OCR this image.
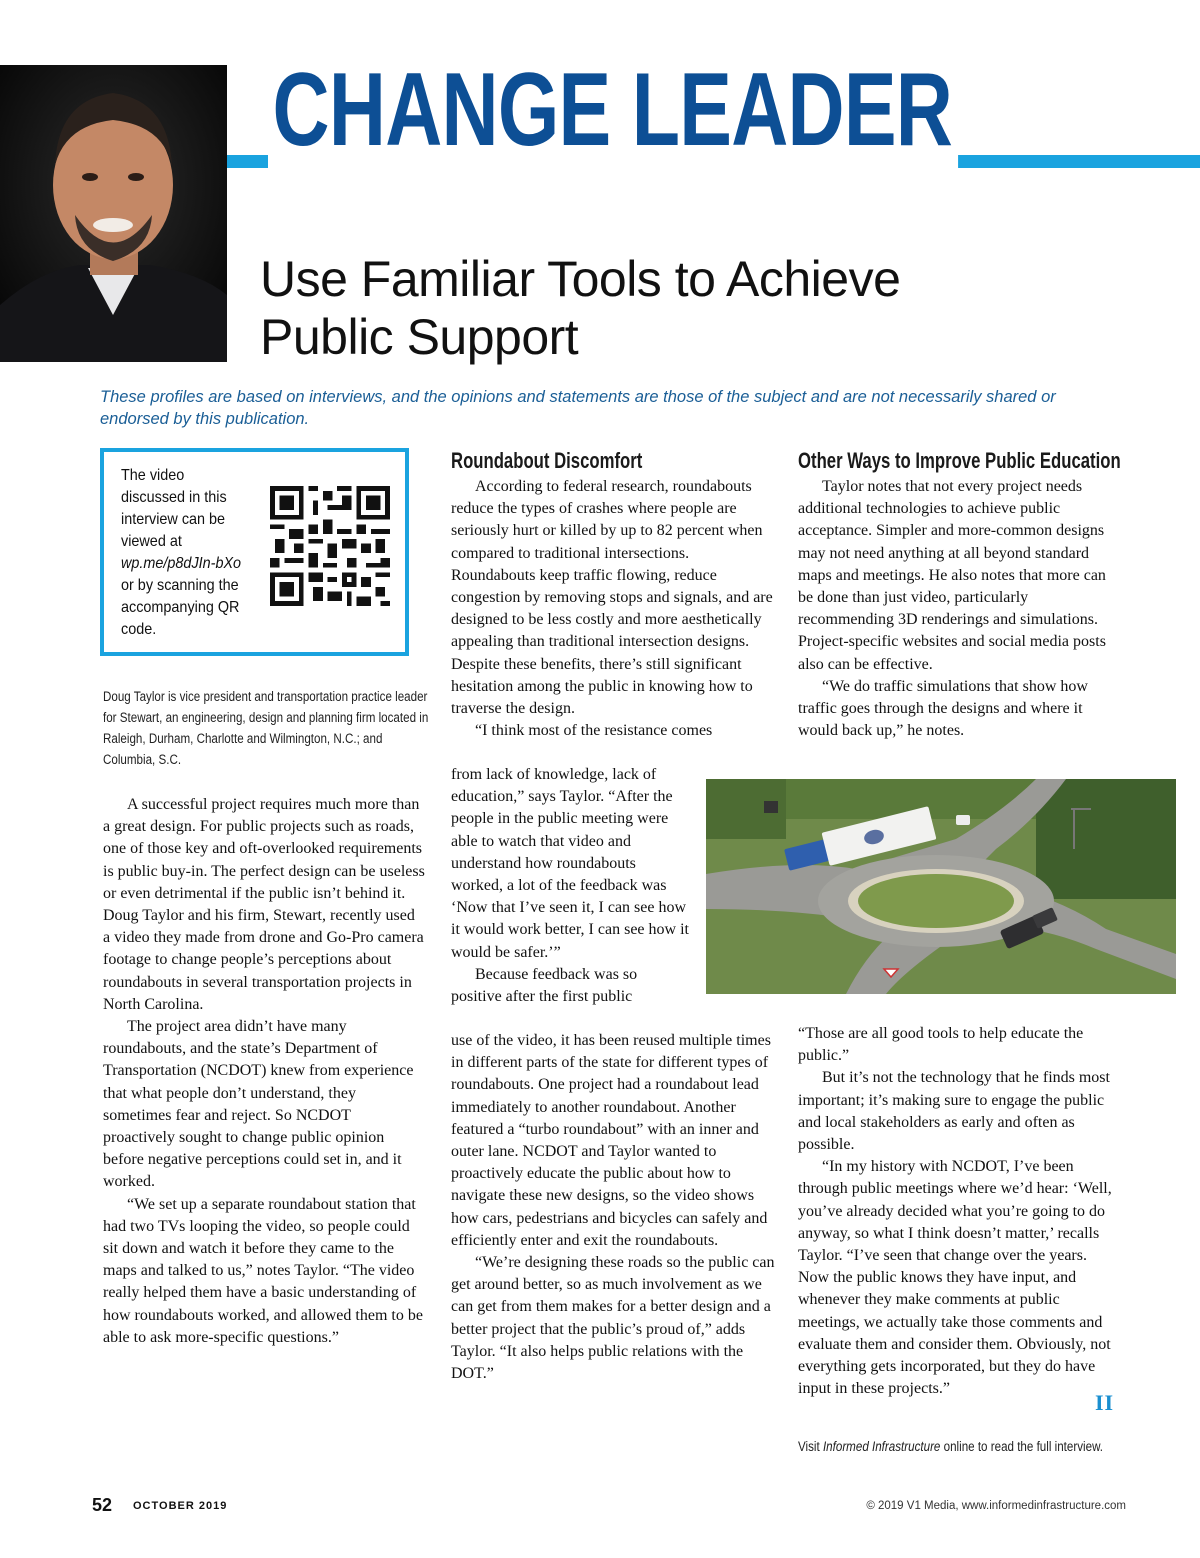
CHANGE LEADER
Use Familiar Tools to Achieve
Public Support
These profiles are based on interviews, and the opinions and statements are those of the subject and are not necessarily shared or endorsed by this publication.
The video discussed in this interview can be viewed at wp.me/p8dJIn-bXo or by scanning the accompanying QR code.
Doug Taylor is vice president and transportation practice leader for Stewart, an engineering, design and planning firm located in Raleigh, Durham, Charlotte and Wilmington, N.C.; and Columbia, S.C.

A successful project requires much more than a great design. For public projects such as roads, one of those key and oft-overlooked requirements is public buy-in. The perfect design can be useless or even detrimental if the public isn’t behind it. Doug Taylor and his firm, Stewart, recently used a video they made from drone and Go-Pro camera footage to change people’s perceptions about roundabouts in several transportation projects in North Carolina.

The project area didn’t have many roundabouts, and the state’s Department of Transportation (NCDOT) knew from experience that what people don’t understand, they sometimes fear and reject. So NCDOT proactively sought to change public opinion before negative perceptions could set in, and it worked.

“We set up a separate roundabout station that had two TVs looping the video, so people could sit down and watch it before they came to the maps and talked to us,” notes Taylor. “The video really helped them have a basic understanding of how roundabouts worked, and allowed them to be able to ask more-specific questions.”

Roundabout Discomfort

According to federal research, roundabouts reduce the types of crashes where people are seriously hurt or killed by up to 82 percent when compared to traditional intersections. Roundabouts keep traffic flowing, reduce congestion by removing stops and signals, and are designed to be less costly and more aesthetically appealing than traditional intersection designs. Despite these benefits, there’s still significant hesitation among the public in knowing how to traverse the design.

“I think most of the resistance comes

from lack of knowledge, lack of education,” says Taylor. “After the people in the public meeting were able to watch that video and understand how roundabouts worked, a lot of the feedback was ‘Now that I’ve seen it, I can see how it would work better, I can see how it would be safer.’”

Because feedback was so positive after the first public

use of the video, it has been reused multiple times in different parts of the state for different types of roundabouts. One project had a roundabout lead immediately to another roundabout. Another featured a “turbo roundabout” with an inner and outer lane. NCDOT and Taylor wanted to proactively educate the public about how to navigate these new designs, so the video shows how cars, pedestrians and bicycles can safely and efficiently enter and exit the roundabouts.

“We’re designing these roads so the public can get around better, so as much involvement as we can get from them makes for a better design and a better project that the public’s proud of,” adds Taylor. “It also helps public relations with the DOT.”

Other Ways to Improve Public Education

Taylor notes that not every project needs additional technologies to achieve public acceptance. Simpler and more-common designs may not need anything at all beyond standard maps and meetings. He also notes that more can be done than just video, particularly recommending 3D renderings and simulations. Project-specific websites and social media posts also can be effective.

“We do traffic simulations that show how traffic goes through the designs and where it would back up,” he notes.

“Those are all good tools to help educate the public.”

But it’s not the technology that he finds most important; it’s making sure to engage the public and local stakeholders as early and often as possible.

“In my history with NCDOT, I’ve been through public meetings where we’d hear: ‘Well, you’ve already decided what you’re going to do anyway, so what I think doesn’t matter,’ recalls Taylor. “I’ve seen that change over the years. Now the public knows they have input, and whenever they make comments at public meetings, we actually take those comments and evaluate them and consider them. Obviously, not everything gets incorporated, but they do have input in these projects.”

II
Visit Informed Infrastructure online to read the full interview.
52 OCTOBER 2019	© 2019 V1 Media, www.informedinfrastructure.com
